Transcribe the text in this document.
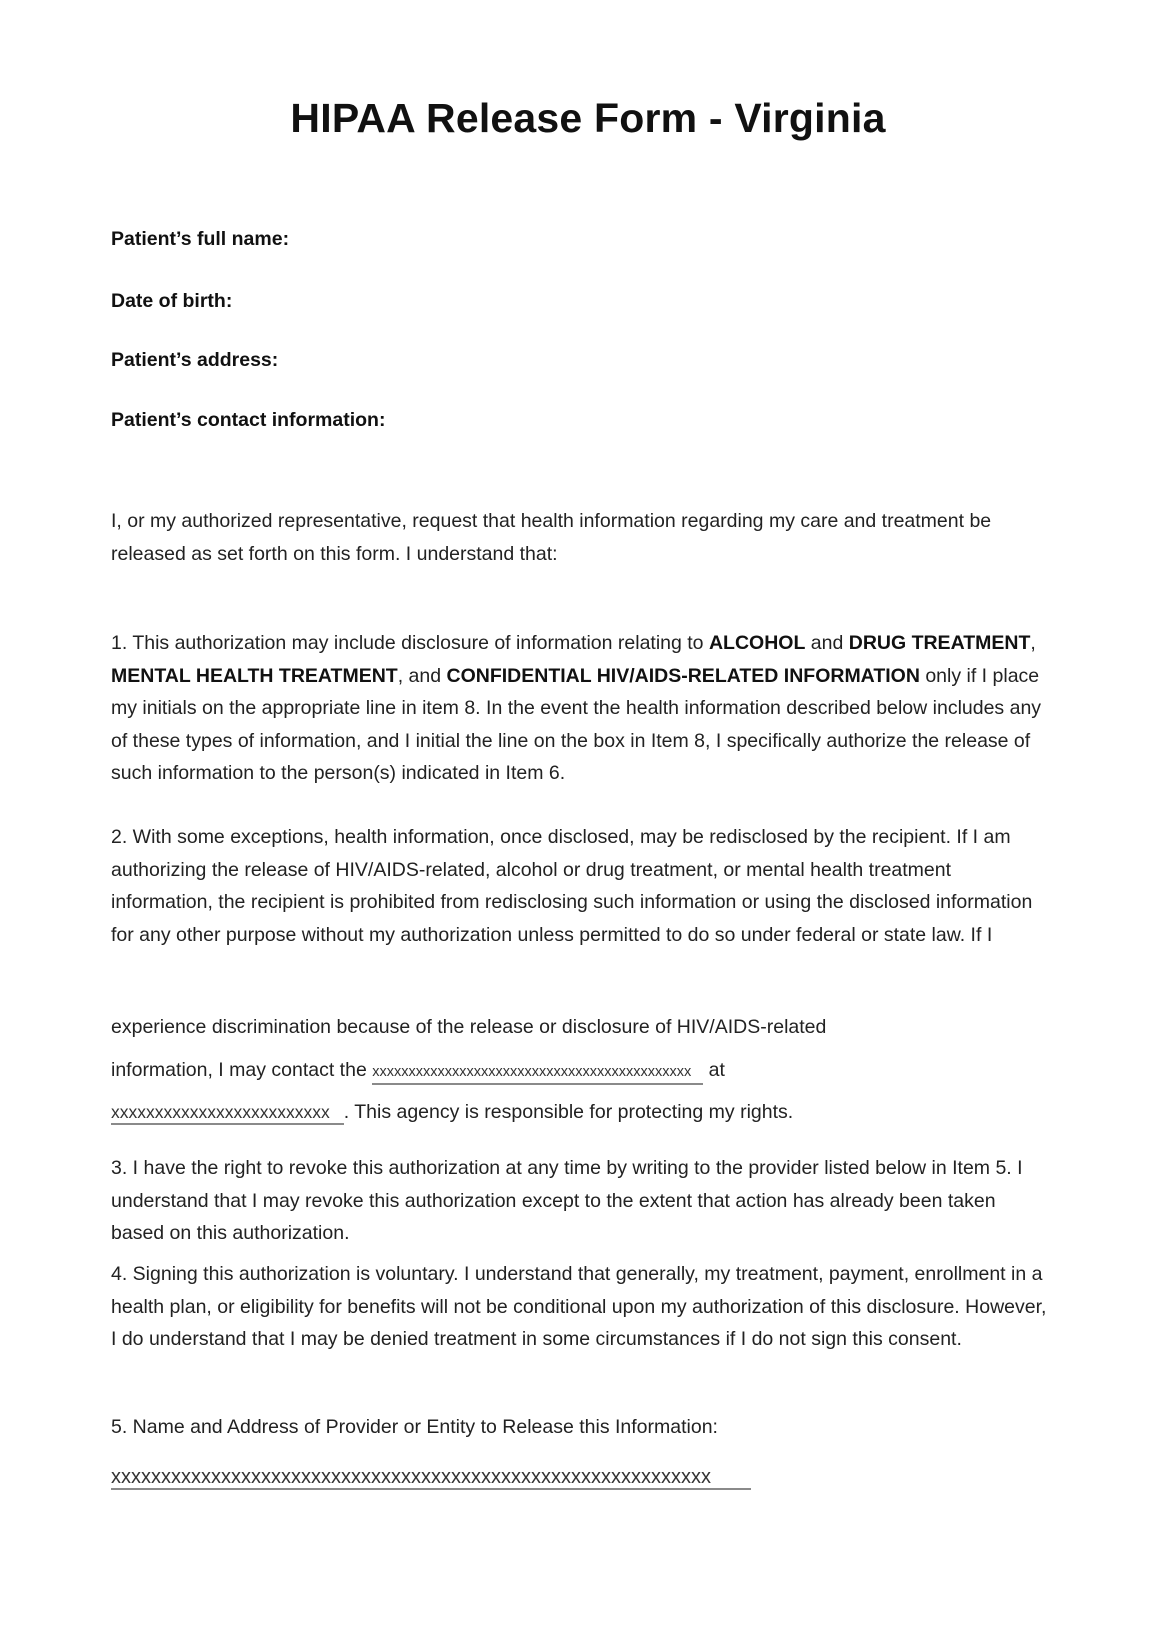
HIPAA Release Form - Virginia
Patient’s full name:
Date of birth:
Patient’s address:
Patient’s contact information:
I, or my authorized representative, request that health information regarding my care and treatment be released as set forth on this form. I understand that:
1. This authorization may include disclosure of information relating to ALCOHOL and DRUG TREATMENT, MENTAL HEALTH TREATMENT, and CONFIDENTIAL HIV/AIDS-RELATED INFORMATION only if I place my initials on the appropriate line in item 8. In the event the health information described below includes any of these types of information, and I initial the line on the box in Item 8, I specifically authorize the release of such information to the person(s) indicated in Item 6.
2. With some exceptions, health information, once disclosed, may be redisclosed by the recipient. If I am authorizing the release of HIV/AIDS-related, alcohol or drug treatment, or mental health treatment information, the recipient is prohibited from redisclosing such information or using the disclosed information for any other purpose without my authorization unless permitted to do so under federal or state law. If I
experience discrimination because of the release or disclosure of HIV/AIDS-related
information, I may contact the xxxxxxxxxxxxxxxxxxxxxxxxxxxxxxxxxxxxxxxxxxxx at
xxxxxxxxxxxxxxxxxxxxxxxxx . This agency is responsible for protecting my rights.
3. I have the right to revoke this authorization at any time by writing to the provider listed below in Item 5. I understand that I may revoke this authorization except to the extent that action has already been taken based on this authorization.
4. Signing this authorization is voluntary. I understand that generally, my treatment, payment, enrollment in a health plan, or eligibility for benefits will not be conditional upon my authorization of this disclosure. However, I do understand that I may be denied treatment in some circumstances if I do not sign this consent.
5. Name and Address of Provider or Entity to Release this Information:
xxxxxxxxxxxxxxxxxxxxxxxxxxxxxxxxxxxxxxxxxxxxxxxxxxxxxxxxxxxx
